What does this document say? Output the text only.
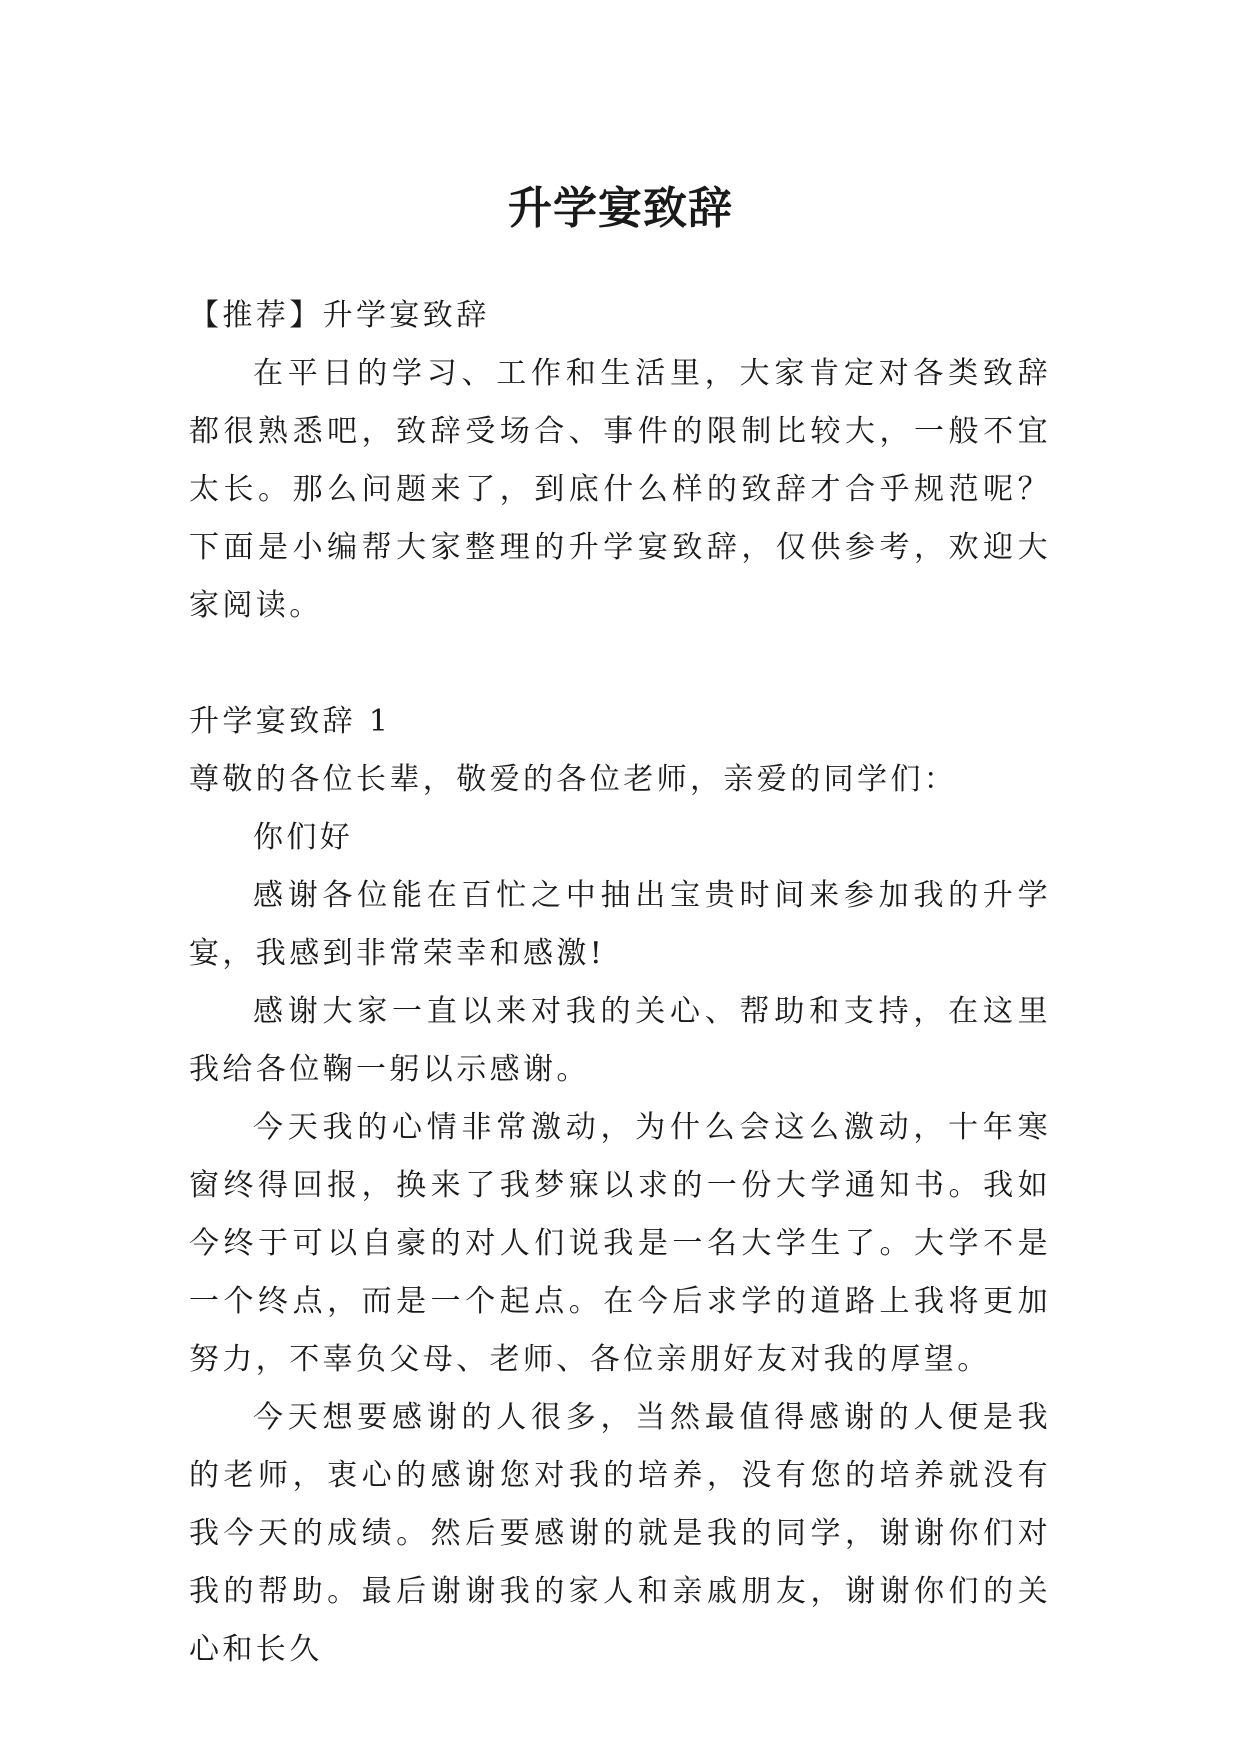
升学宴致辞

【推荐】升学宴致辞

在平日的学习、工作和生活里，大家肯定对各类致辞都很熟悉吧，致辞受场合、事件的限制比较大，一般不宜太长。那么问题来了，到底什么样的致辞才合乎规范呢？下面是小编帮大家整理的升学宴致辞，仅供参考，欢迎大家阅读。

升学宴致辞 1

尊敬的各位长辈，敬爱的各位老师，亲爱的同学们：

你们好

感谢各位能在百忙之中抽出宝贵时间来参加我的升学宴，我感到非常荣幸和感激!

感谢大家一直以来对我的关心、帮助和支持，在这里我给各位鞠一躬以示感谢。

今天我的心情非常激动，为什么会这么激动，十年寒窗终得回报，换来了我梦寐以求的一份大学通知书。我如今终于可以自豪的对人们说我是一名大学生了。大学不是一个终点，而是一个起点。在今后求学的道路上我将更加努力，不辜负父母、老师、各位亲朋好友对我的厚望。

今天想要感谢的人很多，当然最值得感谢的人便是我的老师，衷心的感谢您对我的培养，没有您的培养就没有我今天的成绩。然后要感谢的就是我的同学，谢谢你们对我的帮助。最后谢谢我的家人和亲戚朋友，谢谢你们的关心和长久
